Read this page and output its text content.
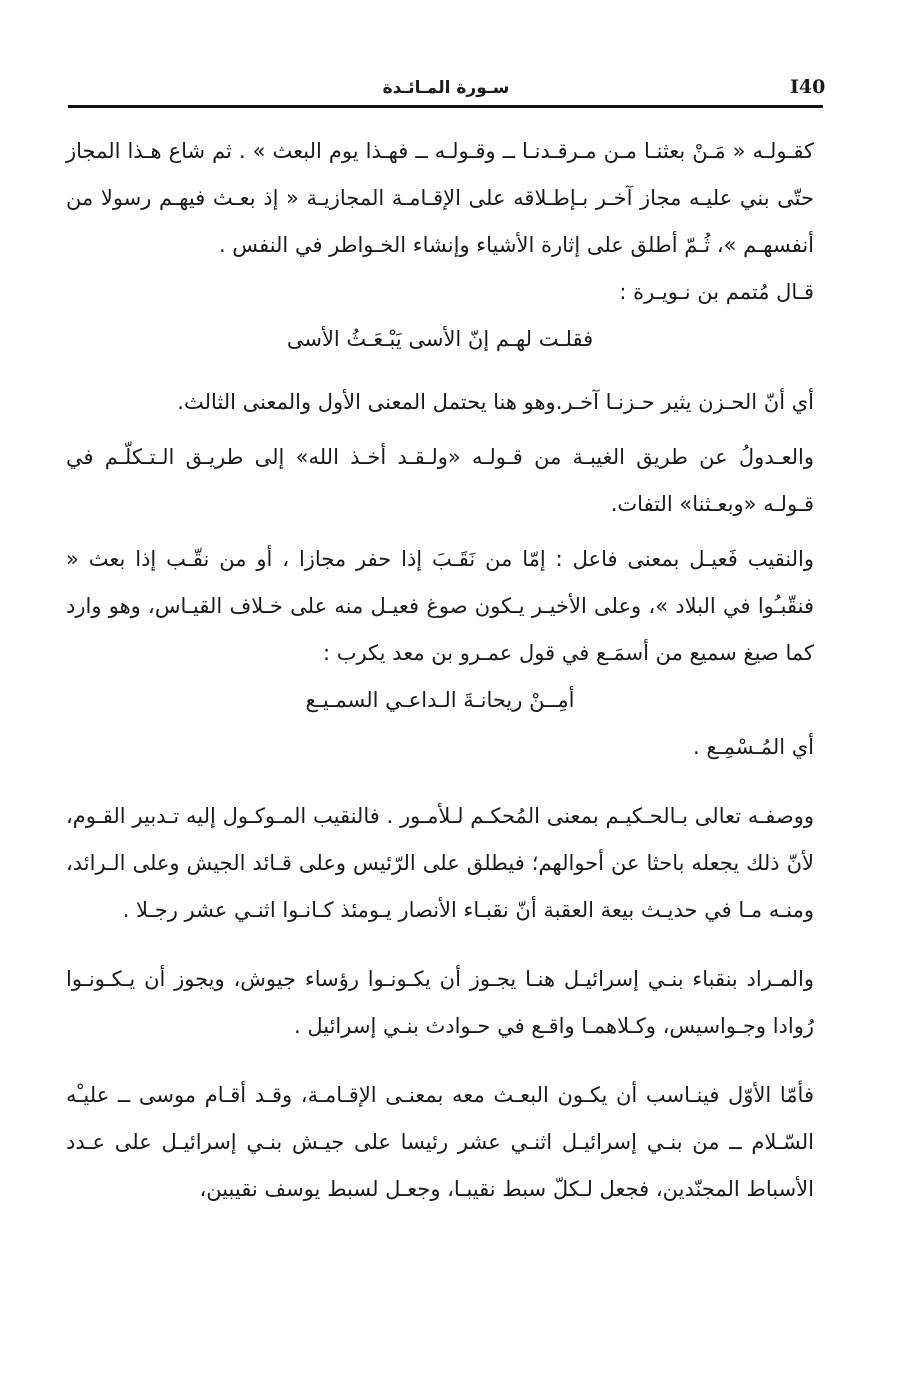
I40
سـورة المـائـدة

كقـولـه « مَـنْ بعثنـا مـن مـرقـدنـا ــ وقـولـه ــ فهـذا يوم البعث » . ثم شاع هـذا المجاز حتّى بني عليـه مجاز آخـر بـإطـلاقه على الإقـامـة المجازيـة « إذ بعـث فيهـم رسولا من أنفسهـم »، ثُـمّ أطلق على إثارة الأشياء وإنشاء الخـواطر في النفس .

قـال مُتمم بن نـويـرة :

فقلـت لهـم إنّ الأسى يَبْـعَـثُ الأسى

أي أنّ الحـزن يثير حـزنـا آخـر.وهو هنا يحتمل المعنى الأول والمعنى الثالث.

والعـدولُ عن طريق الغيبـة من قـولـه «ولـقـد أخـذ الله» إلى طريـق الـتـكلّـم في قـولـه «وبعـثنا» التفات.

والنقيب فَعيـل بمعنى فاعل : إمّا من نَقَـبَ إذا حفر مجازا ، أو من نقّـب إذا بعث « فنقّبـُوا في البلاد »، وعلى الأخيـر يـكون صوغ فعيـل منه على خـلاف القيـاس، وهو وارد كما صيغ سميع من أسمَـع في قول عمـرو بن معد يكرب :

أمِــنْ ريحانـةَ الـداعـي السمـيـع

أي المُـسْمِـع .

ووصفـه تعالى بـالحـكيـم بمعنى المُحكـم لـلأمـور . فالنقيب المـوكـول إليه تـدبير القـوم، لأنّ ذلك يجعله باحثا عن أحوالهم؛ فيطلق على الرّئيس وعلى قـائد الجيش وعلى الـرائد، ومنـه مـا في حديـث بيعة العقبة أنّ نقبـاء الأنصار يـومئذ كـانـوا اثنـي عشر رجـلا .

والمـراد بنقباء بنـي إسرائيـل هنـا يجـوز أن يكـونـوا رؤساء جيوش، ويجوز أن يـكـونـوا رُوادا وجـواسيس، وكـلاهمـا واقـع في حـوادث بنـي إسرائيل .

فأمّا الأوّل فينـاسب أن يكـون البعـث معه بمعنـى الإقـامـة، وقـد أقـام موسى ــ عليـْه السّـلام ــ من بنـي إسرائيـل اثنـي عشر رئيسا على جيـش بنـي إسرائيـل على عـدد الأسباط المجنّدين، فجعل لـكلّ سبط نقيبـا، وجعـل لسبط يوسف نقيبين،
